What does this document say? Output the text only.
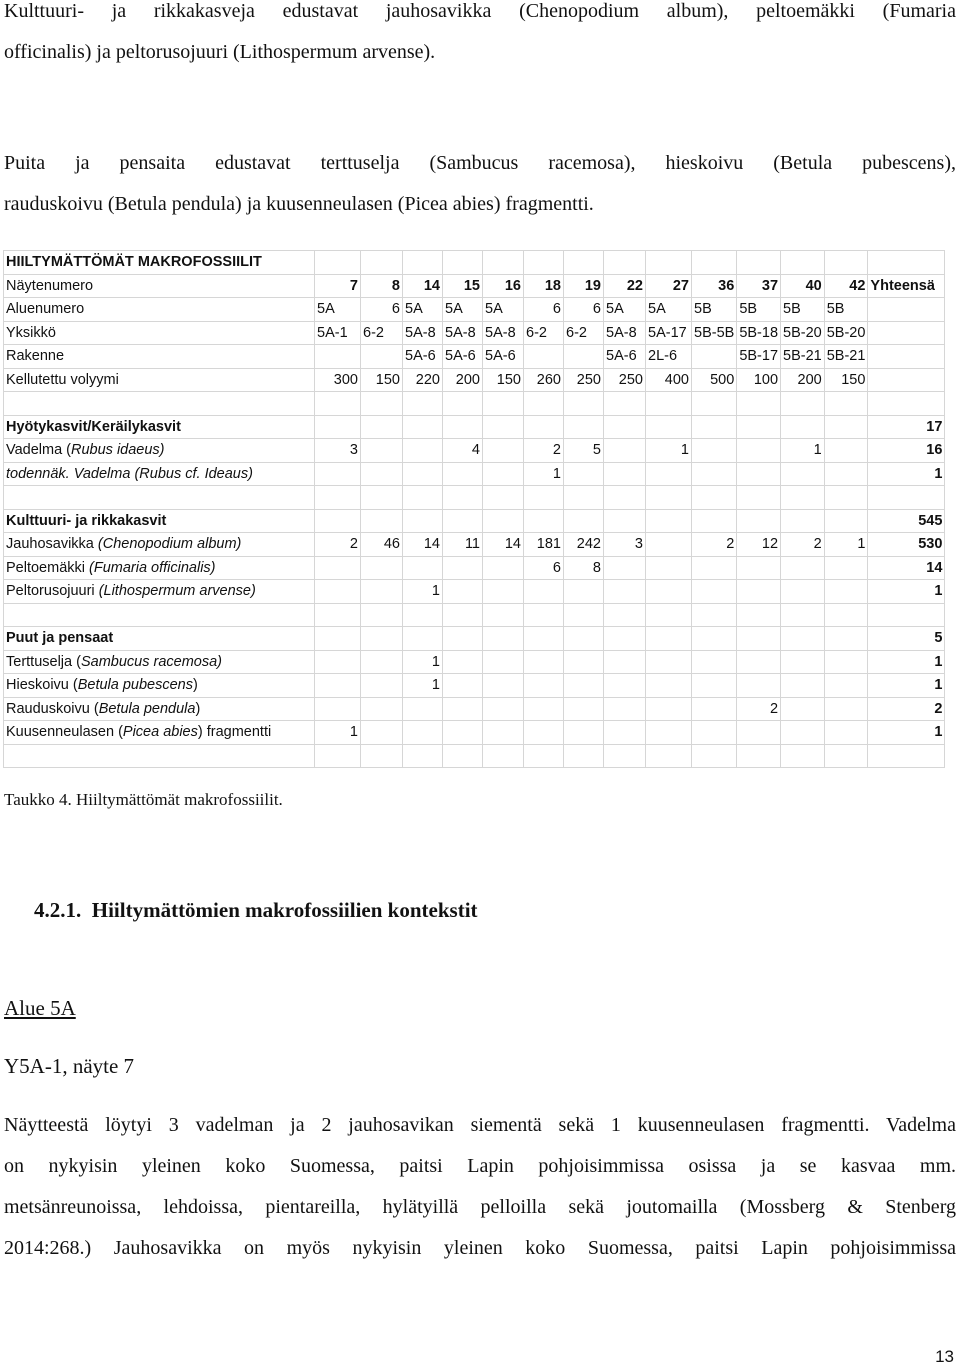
Kulttuuri- ja rikkakasveja edustavat jauhosavikka (Chenopodium album), peltoemäkki (Fumaria
officinalis) ja peltorusojuuri (Lithospermum arvense).
Puita ja pensaita edustavat terttuselja (Sambucus racemosa), hieskoivu (Betula pubescens),
rauduskoivu (Betula pendula) ja kuusenneulasen (Picea abies) fragmentti.
HIILTYMÄTTÖMÄT MAKROFOSSIILIT														
Näytenumero	7	8	14	15	16	18	19	22	27	36	37	40	42	Yhteensä
Aluenumero	5A	6	5A	5A	5A	6	6	5A	5A	5B	5B	5B	5B	
Yksikkö	5A-1	6-2	5A-8	5A-8	5A-8	6-2	6-2	5A-8	5A-17	5B-5B	5B-18	5B-20	5B-20	
Rakenne			5A-6	5A-6	5A-6			5A-6	2L-6		5B-17	5B-21	5B-21	
Kellutettu volyymi	300	150	220	200	150	260	250	250	400	500	100	200	150	

Hyötykasvit/Keräilykasvit														17
Vadelma (Rubus idaeus)	3			4		2	5		1			1		16
todennäk. Vadelma (Rubus cf. Ideaus)						1								1

Kulttuuri- ja rikkakasvit														545
Jauhosavikka (Chenopodium album)	2	46	14	11	14	181	242	3		2	12	2	1	530
Peltoemäkki (Fumaria officinalis)						6	8							14
Peltorusojuuri (Lithospermum arvense)			1											1

Puut ja pensaat														5
Terttuselja (Sambucus racemosa)			1											1
Hieskoivu (Betula pubescens)			1											1
Rauduskoivu (Betula pendula)											2			2
Kuusenneulasen (Picea abies) fragmentti	1													1

Taukko 4. Hiiltymättömät makrofossiilit.
4.2.1.  Hiiltymättömien makrofossiilien kontekstit
Alue 5A
Y5A-1, näyte 7
Näytteestä löytyi 3 vadelman ja 2 jauhosavikan siementä sekä 1 kuusenneulasen fragmentti. Vadelma
on nykyisin yleinen koko Suomessa, paitsi Lapin pohjoisimmissa osissa ja se kasvaa mm.
metsänreunoissa, lehdoissa, pientareilla, hylätyillä pelloilla sekä joutomailla (Mossberg & Stenberg
2014:268.) Jauhosavikka on myös nykyisin yleinen koko Suomessa, paitsi Lapin pohjoisimmissa
13
